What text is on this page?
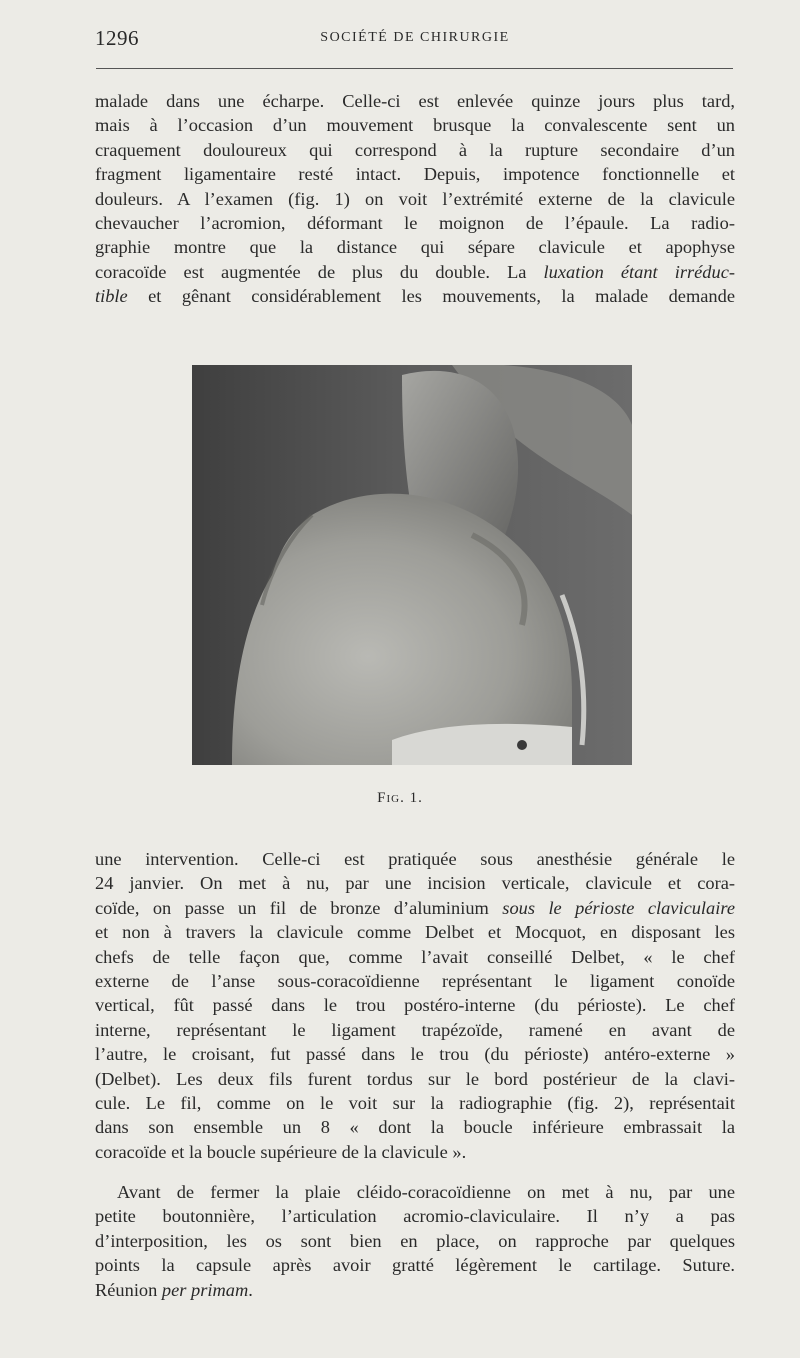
1296	SOCIÉTÉ DE CHIRURGIE
malade dans une écharpe. Celle-ci est enlevée quinze jours plus tard,
mais à l’occasion d’un mouvement brusque la convalescente sent un
craquement douloureux qui correspond à la rupture secondaire d’un
fragment ligamentaire resté intact. Depuis, impotence fonctionnelle et
douleurs. A l’examen (fig. 1) on voit l’extrémité externe de la clavicule
chevaucher l’acromion, déformant le moignon de l’épaule. La radio-
graphie montre que la distance qui sépare clavicule et apophyse
coracoïde est augmentée de plus du double. La luxation étant irréduc-
tible et gênant considérablement les mouvements, la malade demande
Fig. 1.
une intervention. Celle-ci est pratiquée sous anesthésie générale le
24 janvier. On met à nu, par une incision verticale, clavicule et cora-
coïde, on passe un fil de bronze d’aluminium sous le périoste claviculaire
et non à travers la clavicule comme Delbet et Mocquot, en disposant les
chefs de telle façon que, comme l’avait conseillé Delbet, « le chef
externe de l’anse sous-coracoïdienne représentant le ligament conoïde
vertical, fût passé dans le trou postéro-interne (du périoste). Le chef
interne, représentant le ligament trapézoïde, ramené en avant de
l’autre, le croisant, fut passé dans le trou (du périoste) antéro-externe »
(Delbet). Les deux fils furent tordus sur le bord postérieur de la clavi-
cule. Le fil, comme on le voit sur la radiographie (fig. 2), représentait
dans son ensemble un 8 « dont la boucle inférieure embrassait la
coracoïde et la boucle supérieure de la clavicule ».
Avant de fermer la plaie cléido-coracoïdienne on met à nu, par une
petite boutonnière, l’articulation acromio-claviculaire. Il n’y a pas
d’interposition, les os sont bien en place, on rapproche par quelques
points la capsule après avoir gratté légèrement le cartilage. Suture.
Réunion per primam.
